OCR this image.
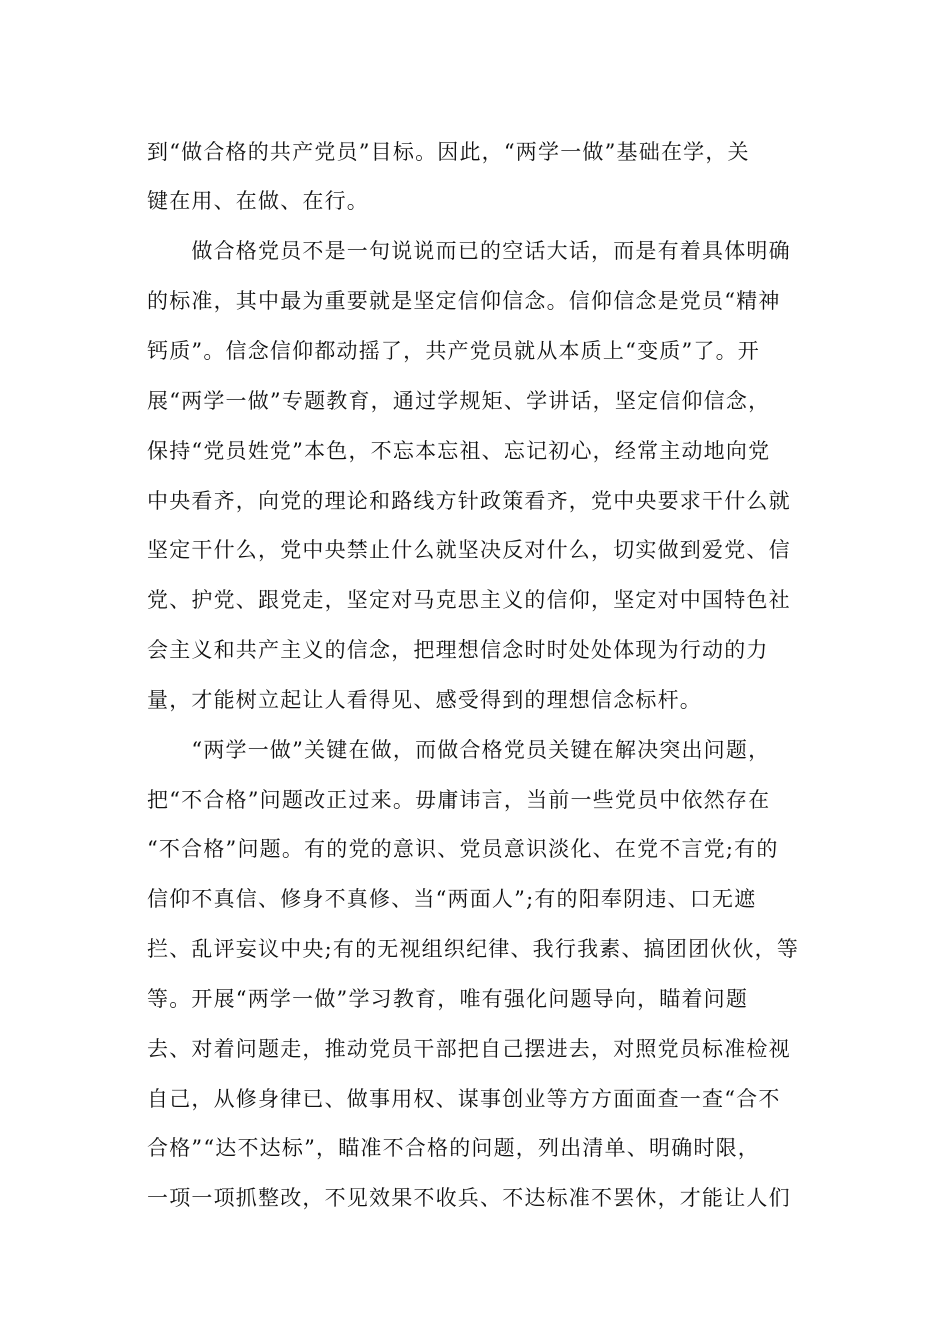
到“做合格的共产党员”目标。因此，“两学一做”基础在学，关
键在用、在做、在行。
　　做合格党员不是一句说说而已的空话大话，而是有着具体明确
的标准，其中最为重要就是坚定信仰信念。信仰信念是党员“精神
钙质”。信念信仰都动摇了，共产党员就从本质上“变质”了。开
展“两学一做”专题教育，通过学规矩、学讲话，坚定信仰信念，
保持“党员姓党”本色，不忘本忘祖、忘记初心，经常主动地向党
中央看齐，向党的理论和路线方针政策看齐，党中央要求干什么就
坚定干什么，党中央禁止什么就坚决反对什么，切实做到爱党、信
党、护党、跟党走，坚定对马克思主义的信仰，坚定对中国特色社
会主义和共产主义的信念，把理想信念时时处处体现为行动的力
量，才能树立起让人看得见、感受得到的理想信念标杆。
　　“两学一做”关键在做，而做合格党员关键在解决突出问题，
把“不合格”问题改正过来。毋庸讳言，当前一些党员中依然存在
“不合格”问题。有的党的意识、党员意识淡化、在党不言党;有的
信仰不真信、修身不真修、当“两面人”;有的阳奉阴违、口无遮
拦、乱评妄议中央;有的无视组织纪律、我行我素、搞团团伙伙，等
等。开展“两学一做”学习教育，唯有强化问题导向，瞄着问题
去、对着问题走，推动党员干部把自己摆进去，对照党员标准检视
自己，从修身律已、做事用权、谋事创业等方方面面查一查“合不
合格”“达不达标”，瞄准不合格的问题，列出清单、明确时限，
一项一项抓整改，不见效果不收兵、不达标准不罢休，才能让人们
